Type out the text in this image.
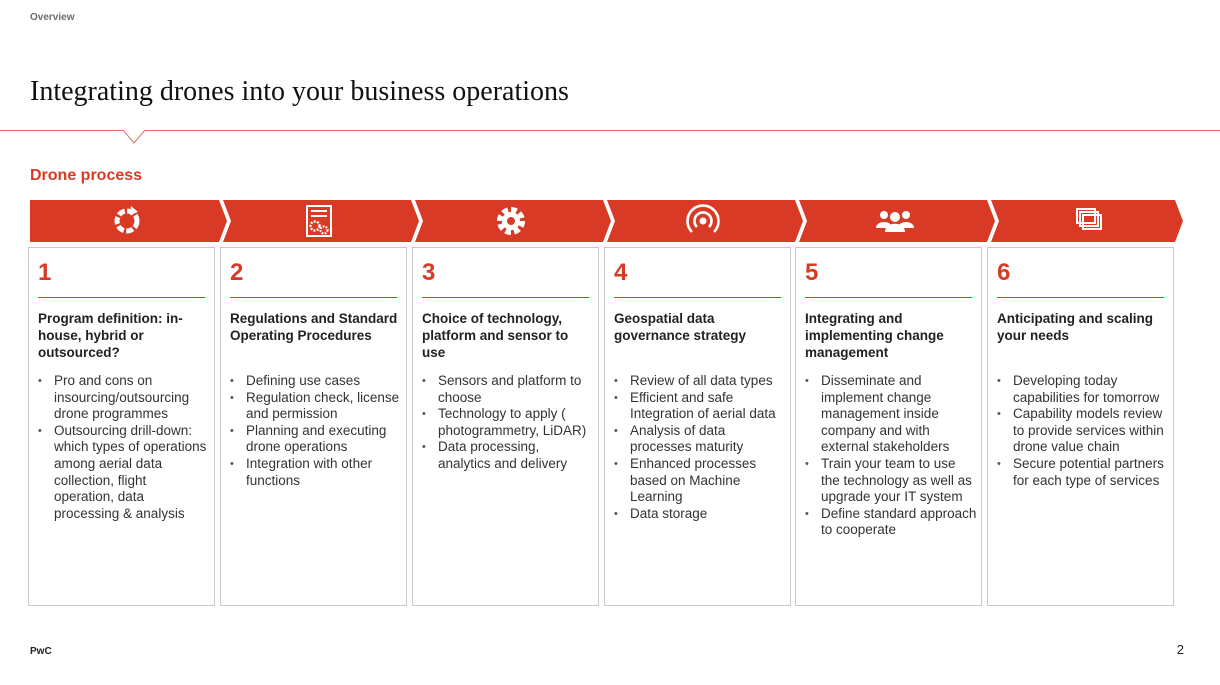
Overview
Integrating drones into your business operations
Drone process
1
Program definition: in-house, hybrid or outsourced?
• Pro and cons on insourcing/outsourcing drone programmes
• Outsourcing drill-down: which types of operations among aerial data collection, flight operation, data processing & analysis
2
Regulations and Standard Operating Procedures
• Defining use cases
• Regulation check, license and permission
• Planning and executing drone operations
• Integration with other functions
3
Choice of technology, platform and sensor to use
• Sensors and platform to choose
• Technology to apply ( photogrammetry, LiDAR)
• Data processing, analytics and delivery
4
Geospatial data governance strategy
• Review of all data types
• Efficient and safe Integration of aerial data
• Analysis of data processes maturity
• Enhanced processes based on Machine Learning
• Data storage
5
Integrating and implementing change management
• Disseminate and implement change management inside company and with external stakeholders
• Train your team to use the technology as well as upgrade your IT system
• Define standard approach to cooperate
6
Anticipating and scaling your needs
• Developing today capabilities for tomorrow
• Capability models review to provide services within drone value chain
• Secure potential partners for each type of services
PwC	2
